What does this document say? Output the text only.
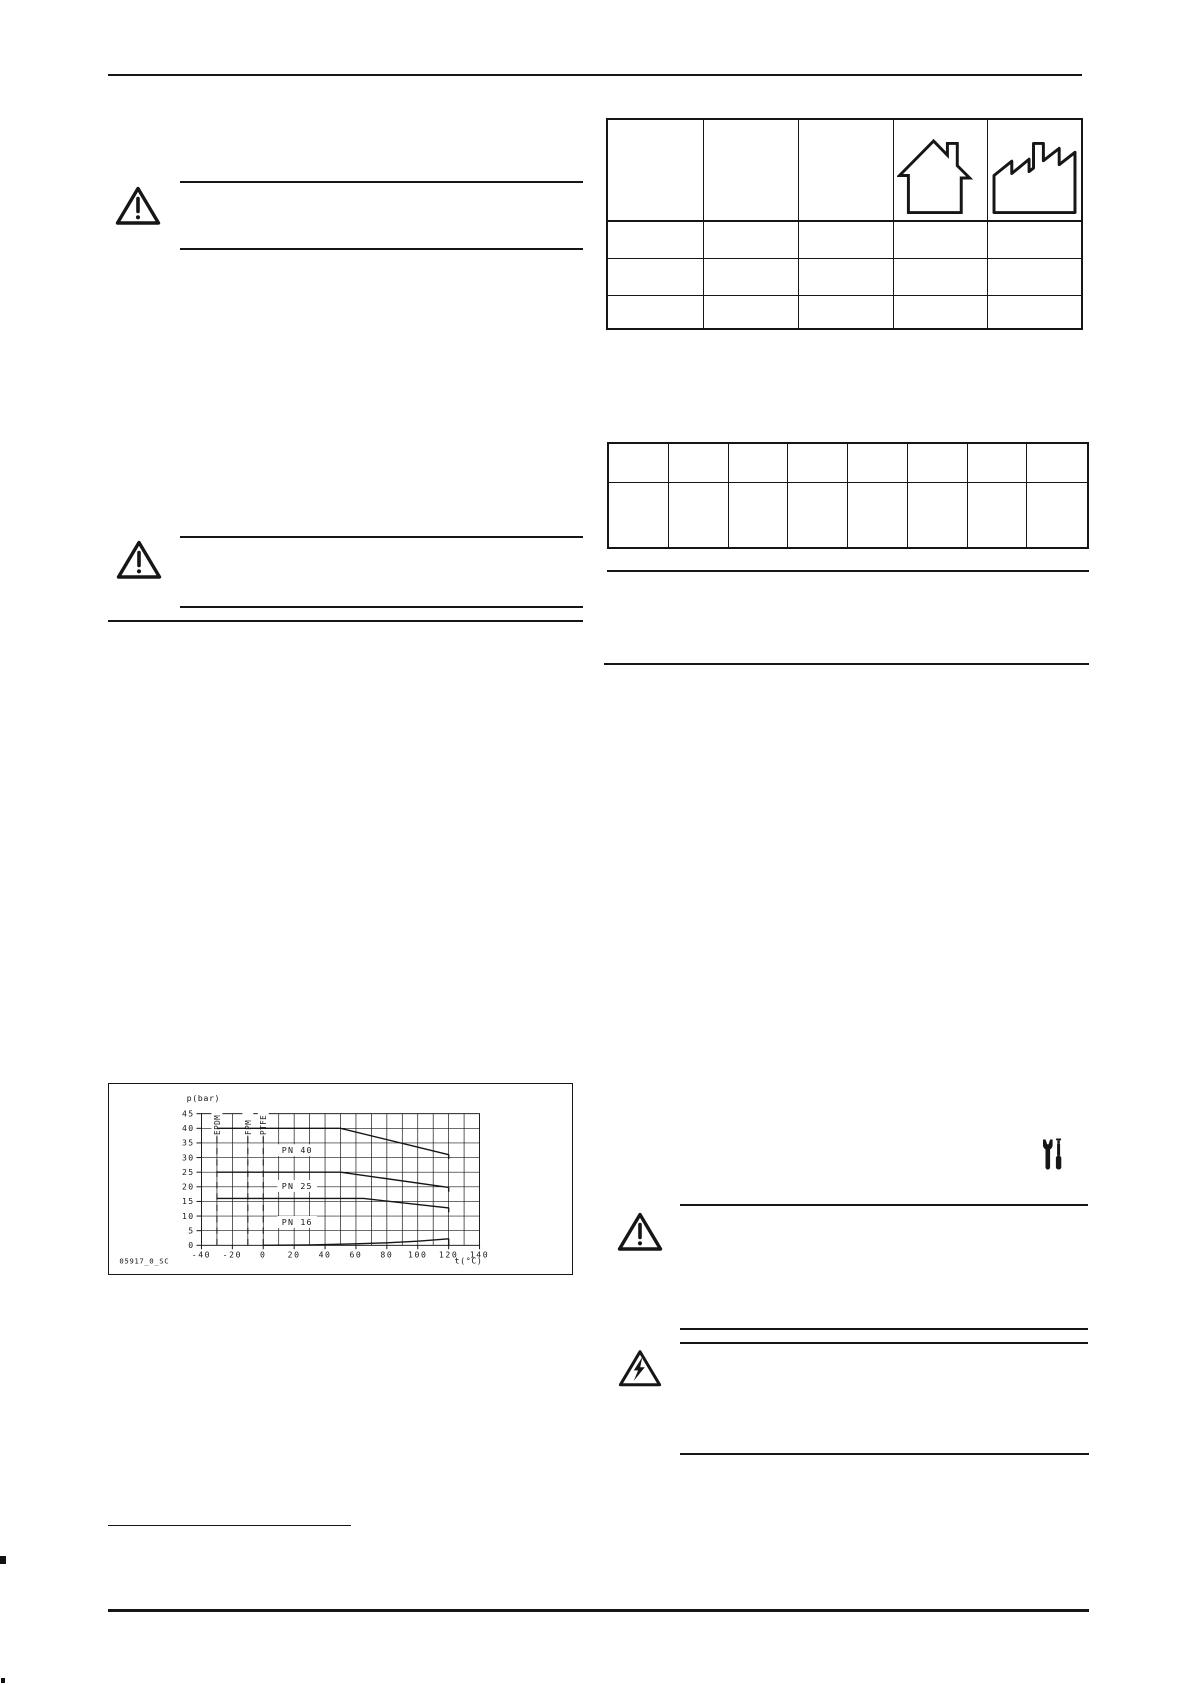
0
5
10
15
20
25
30
35
40
45
-40 -20 0	20 40 60 80 100 120 140
EPDM	FPM PTFE
PN 40
PN 25
PN 16
p(bar)
t(°C)
05917_0_SC
